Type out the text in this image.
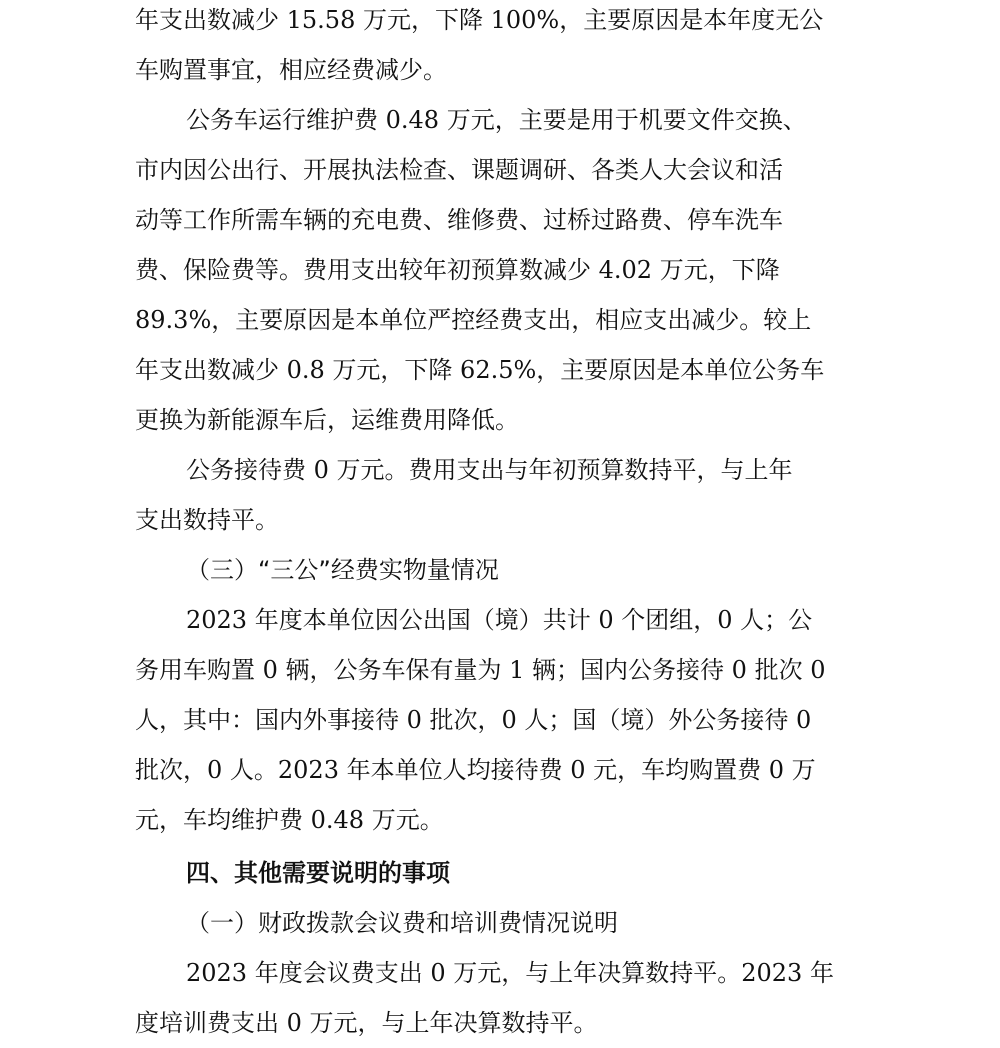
年支出数减少 15.58 万元，下降 100%，主要原因是本年度无公
车购置事宜，相应经费减少。
公务车运行维护费 0.48 万元，主要是用于机要文件交换、
市内因公出行、开展执法检查、课题调研、各类人大会议和活
动等工作所需车辆的充电费、维修费、过桥过路费、停车洗车
费、保险费等。费用支出较年初预算数减少 4.02 万元，下降
89.3%，主要原因是本单位严控经费支出，相应支出减少。较上
年支出数减少 0.8 万元，下降 62.5%，主要原因是本单位公务车
更换为新能源车后，运维费用降低。
公务接待费 0 万元。费用支出与年初预算数持平，与上年
支出数持平。
（三）“三公”经费实物量情况
2023 年度本单位因公出国（境）共计 0 个团组，0 人；公
务用车购置 0 辆，公务车保有量为 1 辆；国内公务接待 0 批次 0
人，其中：国内外事接待 0 批次，0 人；国（境）外公务接待 0
批次，0 人。2023 年本单位人均接待费 0 元，车均购置费 0 万
元，车均维护费 0.48 万元。
四、其他需要说明的事项
（一）财政拨款会议费和培训费情况说明
2023 年度会议费支出 0 万元，与上年决算数持平。2023 年
度培训费支出 0 万元，与上年决算数持平。
